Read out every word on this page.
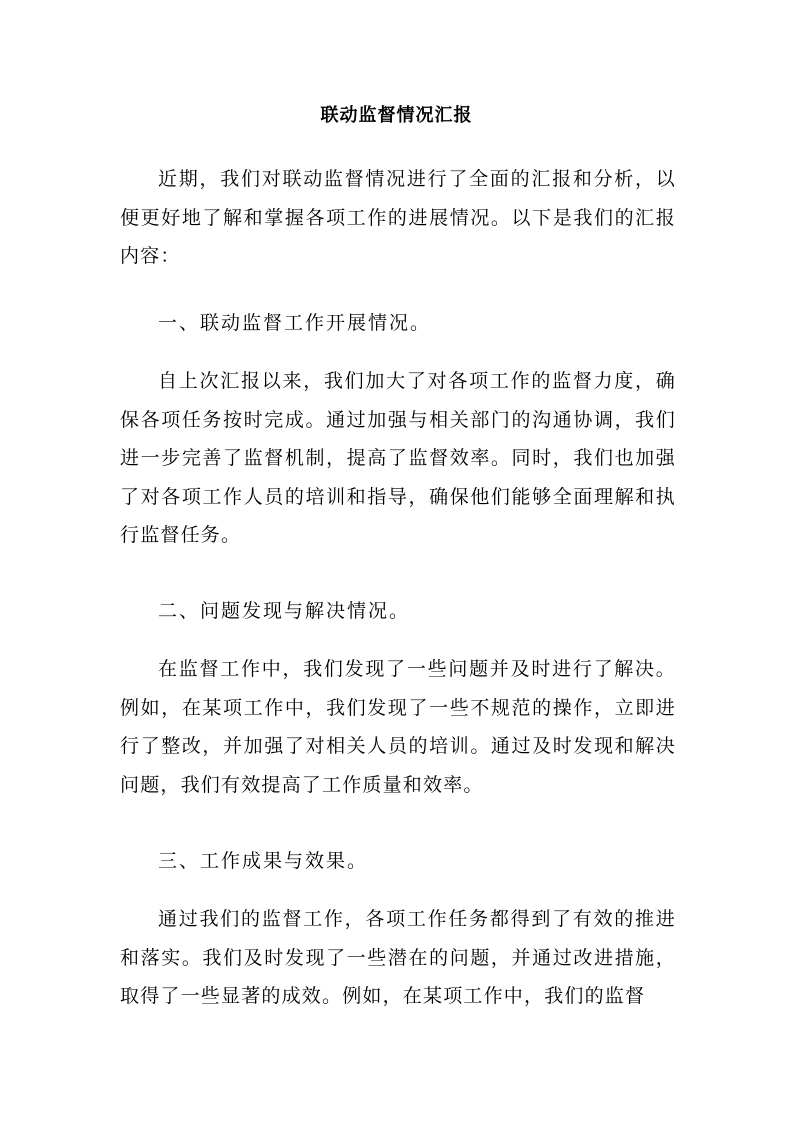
联动监督情况汇报

近期，我们对联动监督情况进行了全面的汇报和分析，以便更好地了解和掌握各项工作的进展情况。以下是我们的汇报内容：

一、联动监督工作开展情况。

自上次汇报以来，我们加大了对各项工作的监督力度，确保各项任务按时完成。通过加强与相关部门的沟通协调，我们进一步完善了监督机制，提高了监督效率。同时，我们也加强了对各项工作人员的培训和指导，确保他们能够全面理解和执行监督任务。

二、问题发现与解决情况。

在监督工作中，我们发现了一些问题并及时进行了解决。例如，在某项工作中，我们发现了一些不规范的操作，立即进行了整改，并加强了对相关人员的培训。通过及时发现和解决问题，我们有效提高了工作质量和效率。

三、工作成果与效果。

通过我们的监督工作，各项工作任务都得到了有效的推进和落实。我们及时发现了一些潜在的问题，并通过改进措施，取得了一些显著的成效。例如，在某项工作中，我们的监督
